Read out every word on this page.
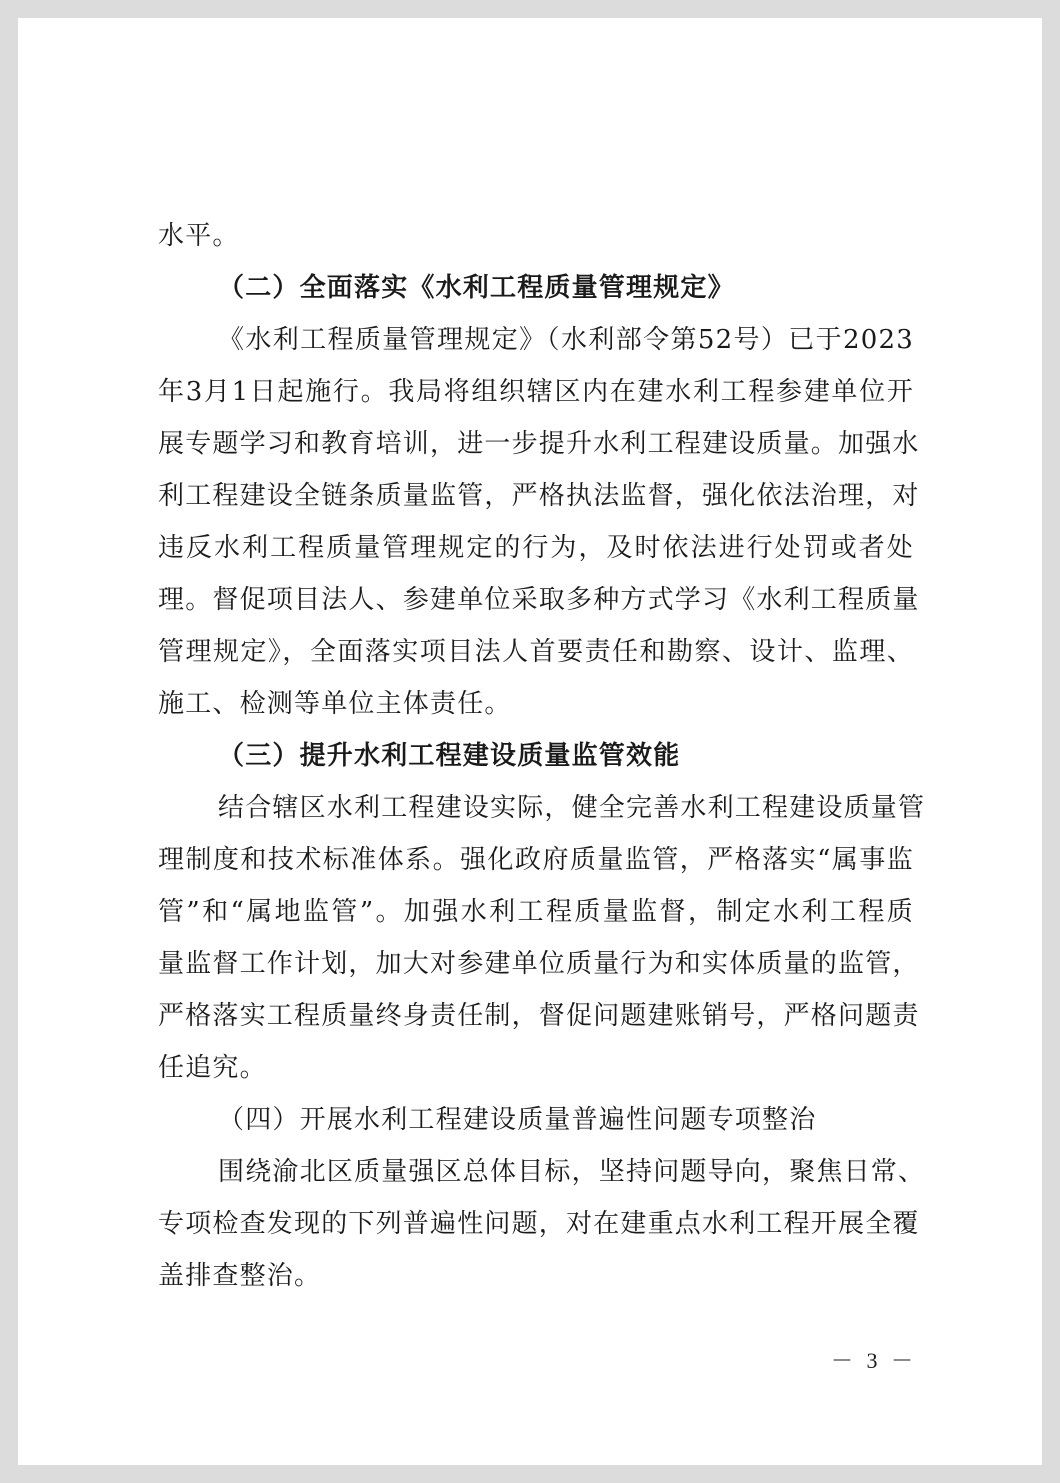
水平。
（二）全面落实《水利工程质量管理规定》
《水利工程质量管理规定》（水利部令第52号）已于2023
年3月1日起施行。我局将组织辖区内在建水利工程参建单位开
展专题学习和教育培训，进一步提升水利工程建设质量。加强水
利工程建设全链条质量监管，严格执法监督，强化依法治理，对
违反水利工程质量管理规定的行为，及时依法进行处罚或者处
理。督促项目法人、参建单位采取多种方式学习《水利工程质量
管理规定》，全面落实项目法人首要责任和勘察、设计、监理、
施工、检测等单位主体责任。
（三）提升水利工程建设质量监管效能
结合辖区水利工程建设实际，健全完善水利工程建设质量管
理制度和技术标准体系。强化政府质量监管，严格落实“属事监
管”和“属地监管”。加强水利工程质量监督，制定水利工程质
量监督工作计划，加大对参建单位质量行为和实体质量的监管，
严格落实工程质量终身责任制，督促问题建账销号，严格问题责
任追究。
（四）开展水利工程建设质量普遍性问题专项整治
围绕渝北区质量强区总体目标，坚持问题导向，聚焦日常、
专项检查发现的下列普遍性问题，对在建重点水利工程开展全覆
盖排查整治。
－ 3 －
